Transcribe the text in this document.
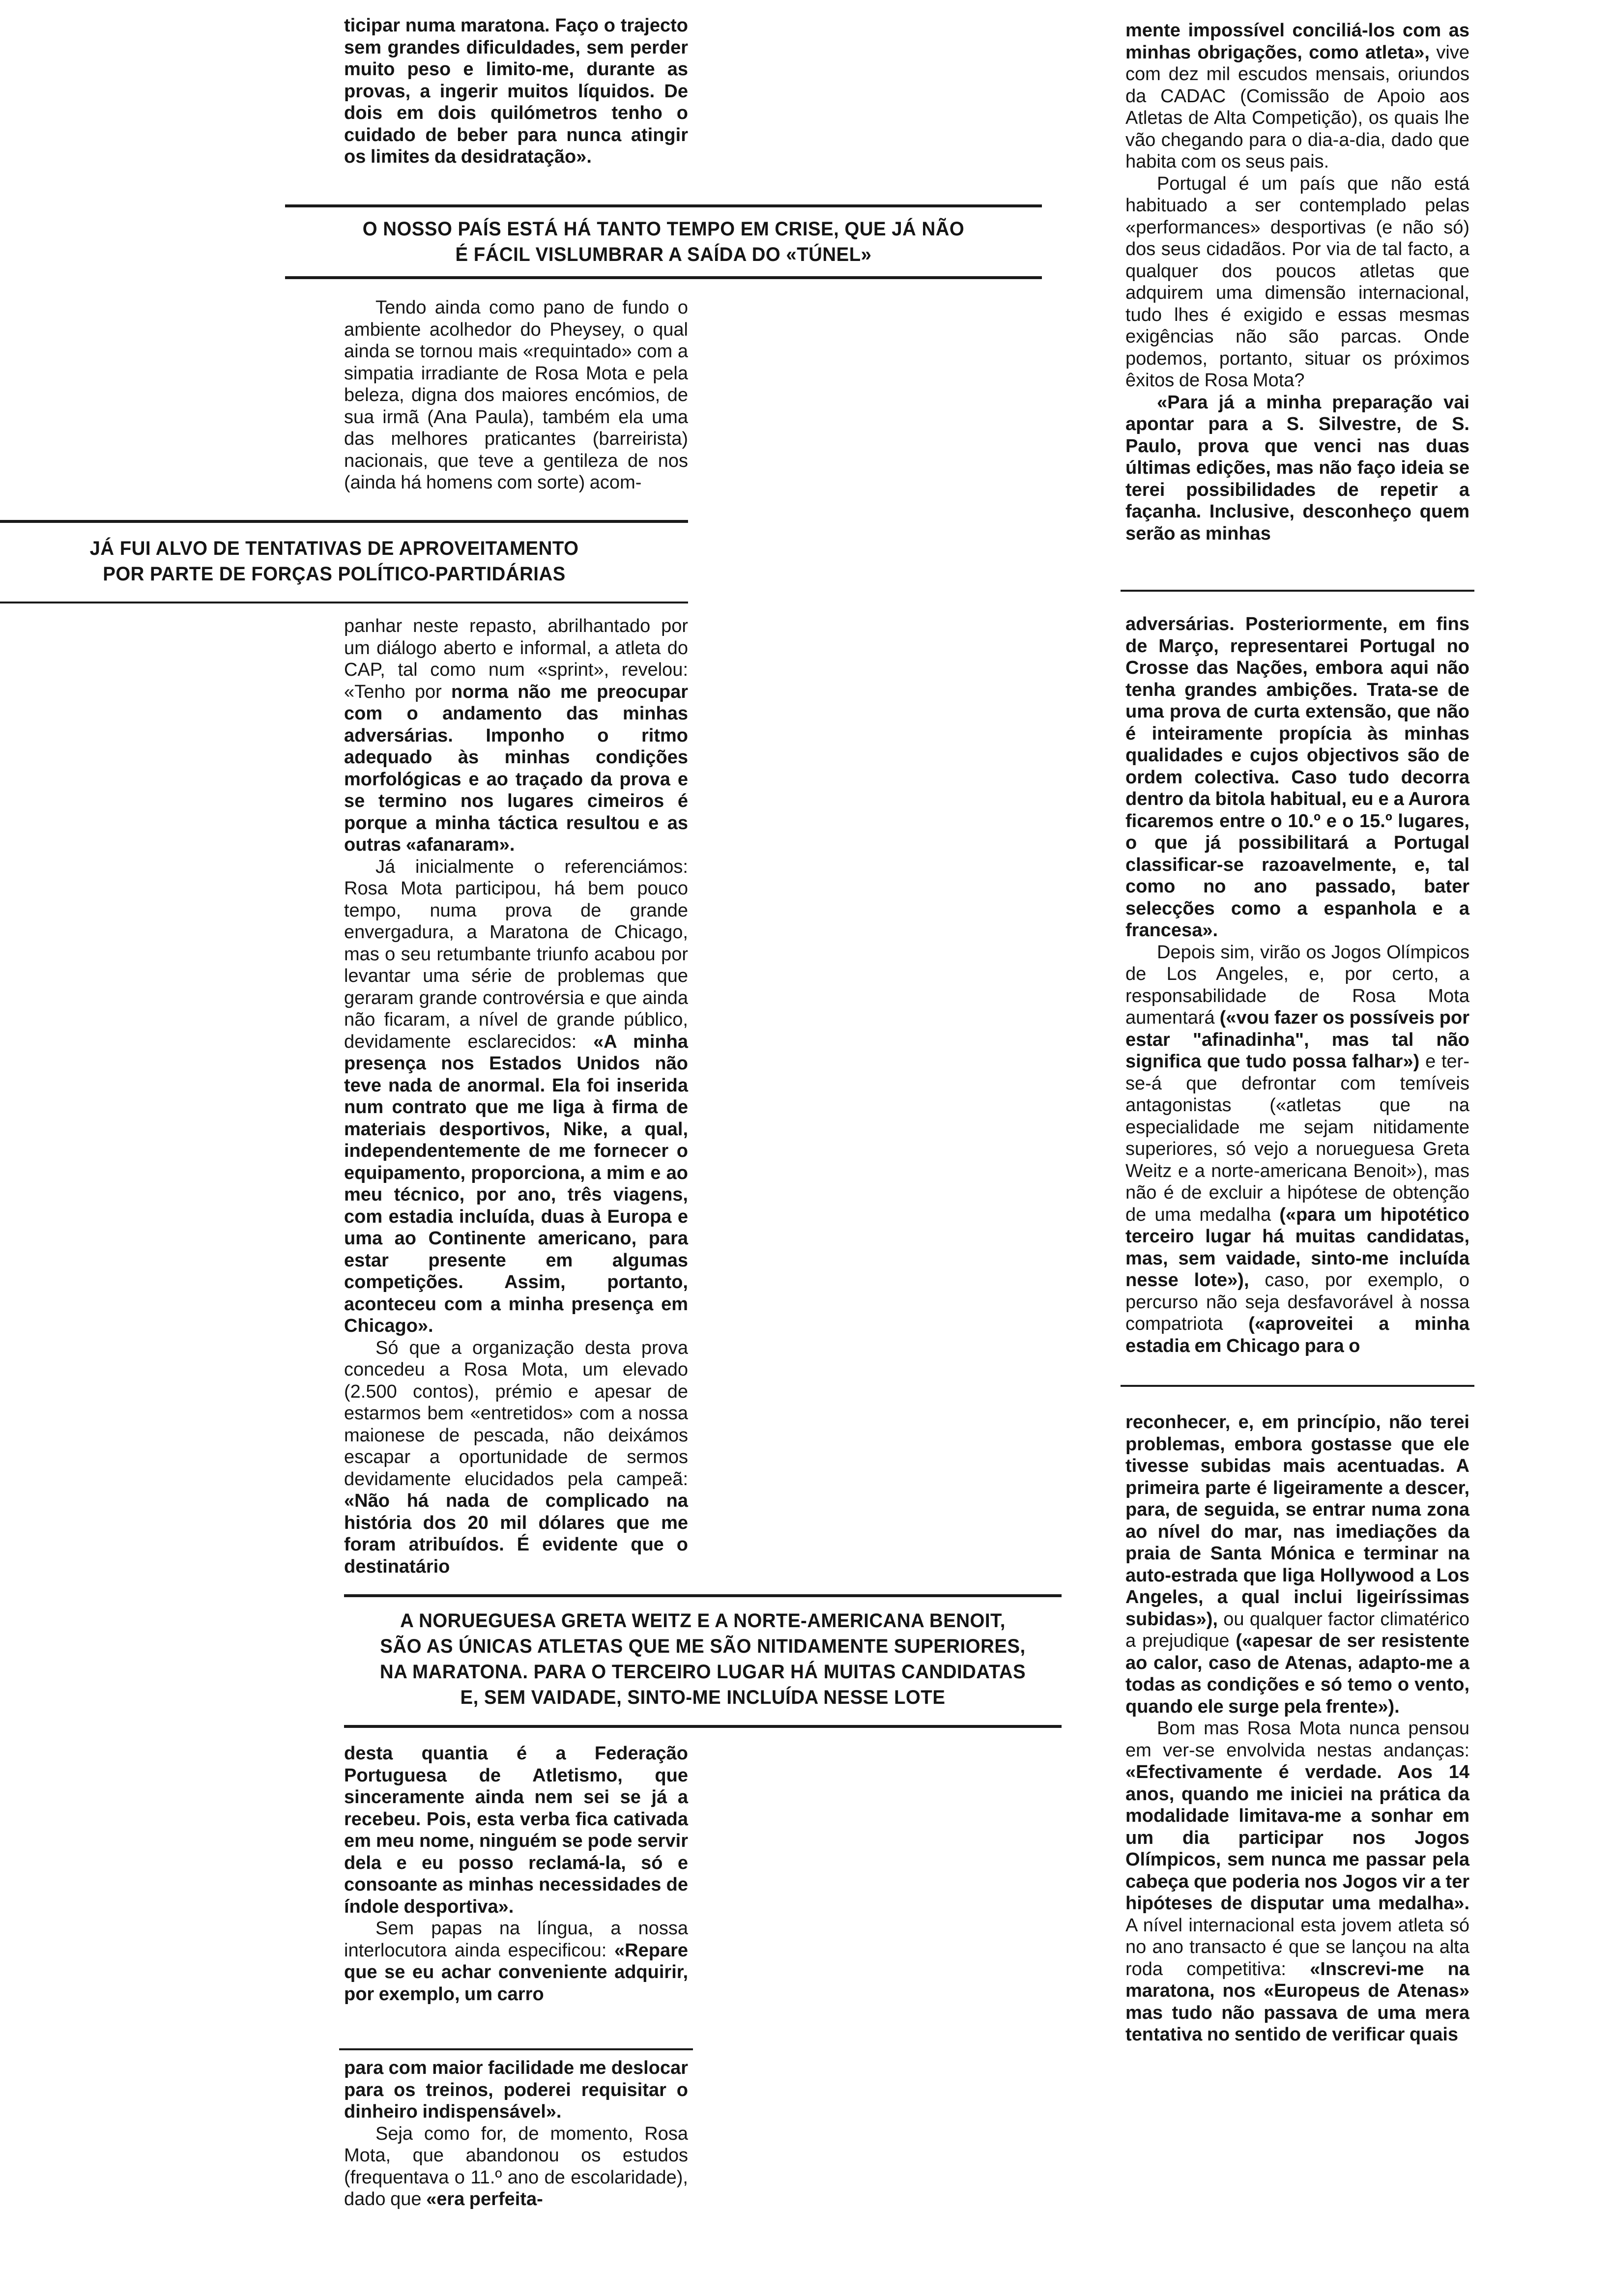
ticipar numa maratona. Faço o trajecto sem grandes dificuldades, sem perder muito peso e limito-me, durante as provas, a ingerir muitos líquidos. De dois em dois quilómetros tenho o cuidado de beber para nunca atingir os limites da desidratação».

O NOSSO PAÍS ESTÁ HÁ TANTO TEMPO EM CRISE, QUE JÁ NÃO
É FÁCIL VISLUMBRAR A SAÍDA DO «TÚNEL»

Tendo ainda como pano de fundo o ambiente acolhedor do Pheysey, o qual ainda se tornou mais «requintado» com a simpatia irradiante de Rosa Mota e pela beleza, digna dos maiores encómios, de sua irmã (Ana Paula), também ela uma das melhores praticantes (barreirista) nacionais, que teve a gentileza de nos (ainda há homens com sorte) acom-

JÁ FUI ALVO DE TENTATIVAS DE APROVEITAMENTO
POR PARTE DE FORÇAS POLÍTICO-PARTIDÁRIAS

panhar neste repasto, abrilhantado por um diálogo aberto e informal, a atleta do CAP, tal como num «sprint», revelou: «Tenho por norma não me preocupar com o andamento das minhas adversárias. Imponho o ritmo adequado às minhas condições morfológicas e ao traçado da prova e se termino nos lugares cimeiros é porque a minha táctica resultou e as outras «afanaram».

Já inicialmente o referenciámos: Rosa Mota participou, há bem pouco tempo, numa prova de grande envergadura, a Maratona de Chicago, mas o seu retumbante triunfo acabou por levantar uma série de problemas que geraram grande controvérsia e que ainda não ficaram, a nível de grande público, devidamente esclarecidos: «A minha presença nos Estados Unidos não teve nada de anormal. Ela foi inserida num contrato que me liga à firma de materiais desportivos, Nike, a qual, independentemente de me fornecer o equipamento, proporciona, a mim e ao meu técnico, por ano, três viagens, com estadia incluída, duas à Europa e uma ao Continente americano, para estar presente em algumas competições. Assim, portanto, aconteceu com a minha presença em Chicago».

Só que a organização desta prova concedeu a Rosa Mota, um elevado (2.500 contos), prémio e apesar de estarmos bem «entretidos» com a nossa maionese de pescada, não deixámos escapar a oportunidade de sermos devidamente elucidados pela campeã: «Não há nada de complicado na história dos 20 mil dólares que me foram atribuídos. É evidente que o destinatário

A NORUEGUESA GRETA WEITZ E A NORTE-AMERICANA BENOIT,
SÃO AS ÚNICAS ATLETAS QUE ME SÃO NITIDAMENTE SUPERIORES,
NA MARATONA. PARA O TERCEIRO LUGAR HÁ MUITAS CANDIDATAS
E, SEM VAIDADE, SINTO-ME INCLUÍDA NESSE LOTE

desta quantia é a Federação Portuguesa de Atletismo, que sinceramente ainda nem sei se já a recebeu. Pois, esta verba fica cativada em meu nome, ninguém se pode servir dela e eu posso reclamá-la, só e consoante as minhas necessidades de índole desportiva».

Sem papas na língua, a nossa interlocutora ainda especificou: «Repare que se eu achar conveniente adquirir, por exemplo, um carro

para com maior facilidade me deslocar para os treinos, poderei requisitar o dinheiro indispensável».

Seja como for, de momento, Rosa Mota, que abandonou os estudos (frequentava o 11.º ano de escolaridade), dado que «era perfeita-

mente impossível conciliá-los com as minhas obrigações, como atleta», vive com dez mil escudos mensais, oriundos da CADAC (Comissão de Apoio aos Atletas de Alta Competição), os quais lhe vão chegando para o dia-a-dia, dado que habita com os seus pais.

Portugal é um país que não está habituado a ser contemplado pelas «performances» desportivas (e não só) dos seus cidadãos. Por via de tal facto, a qualquer dos poucos atletas que adquirem uma dimensão internacional, tudo lhes é exigido e essas mesmas exigências não são parcas. Onde podemos, portanto, situar os próximos êxitos de Rosa Mota?

«Para já a minha preparação vai apontar para a S. Silvestre, de S. Paulo, prova que venci nas duas últimas edições, mas não faço ideia se terei possibilidades de repetir a façanha. Inclusive, desconheço quem serão as minhas

adversárias. Posteriormente, em fins de Março, representarei Portugal no Crosse das Nações, embora aqui não tenha grandes ambições. Trata-se de uma prova de curta extensão, que não é inteiramente propícia às minhas qualidades e cujos objectivos são de ordem colectiva. Caso tudo decorra dentro da bitola habitual, eu e a Aurora ficaremos entre o 10.º e o 15.º lugares, o que já possibilitará a Portugal classificar-se razoavelmente, e, tal como no ano passado, bater selecções como a espanhola e a francesa».

Depois sim, virão os Jogos Olímpicos de Los Angeles, e, por certo, a responsabilidade de Rosa Mota aumentará («vou fazer os possíveis por estar "afinadinha", mas tal não significa que tudo possa falhar») e ter-se-á que defrontar com temíveis antagonistas («atletas que na especialidade me sejam nitidamente superiores, só vejo a norueguesa Greta Weitz e a norte-americana Benoit»), mas não é de excluir a hipótese de obtenção de uma medalha («para um hipotético terceiro lugar há muitas candidatas, mas, sem vaidade, sinto-me incluída nesse lote»), caso, por exemplo, o percurso não seja desfavorável à nossa compatriota («aproveitei a minha estadia em Chicago para o

reconhecer, e, em princípio, não terei problemas, embora gostasse que ele tivesse subidas mais acentuadas. A primeira parte é ligeiramente a descer, para, de seguida, se entrar numa zona ao nível do mar, nas imediações da praia de Santa Mónica e terminar na auto-estrada que liga Hollywood a Los Angeles, a qual inclui ligeiríssimas subidas»), ou qualquer factor climatérico a prejudique («apesar de ser resistente ao calor, caso de Atenas, adapto-me a todas as condições e só temo o vento, quando ele surge pela frente»).

Bom mas Rosa Mota nunca pensou em ver-se envolvida nestas andanças: «Efectivamente é verdade. Aos 14 anos, quando me iniciei na prática da modalidade limitava-me a sonhar em um dia participar nos Jogos Olímpicos, sem nunca me passar pela cabeça que poderia nos Jogos vir a ter hipóteses de disputar uma medalha». A nível internacional esta jovem atleta só no ano transacto é que se lançou na alta roda competitiva: «Inscrevi-me na maratona, nos «Europeus de Atenas» mas tudo não passava de uma mera tentativa no sentido de verificar quais
